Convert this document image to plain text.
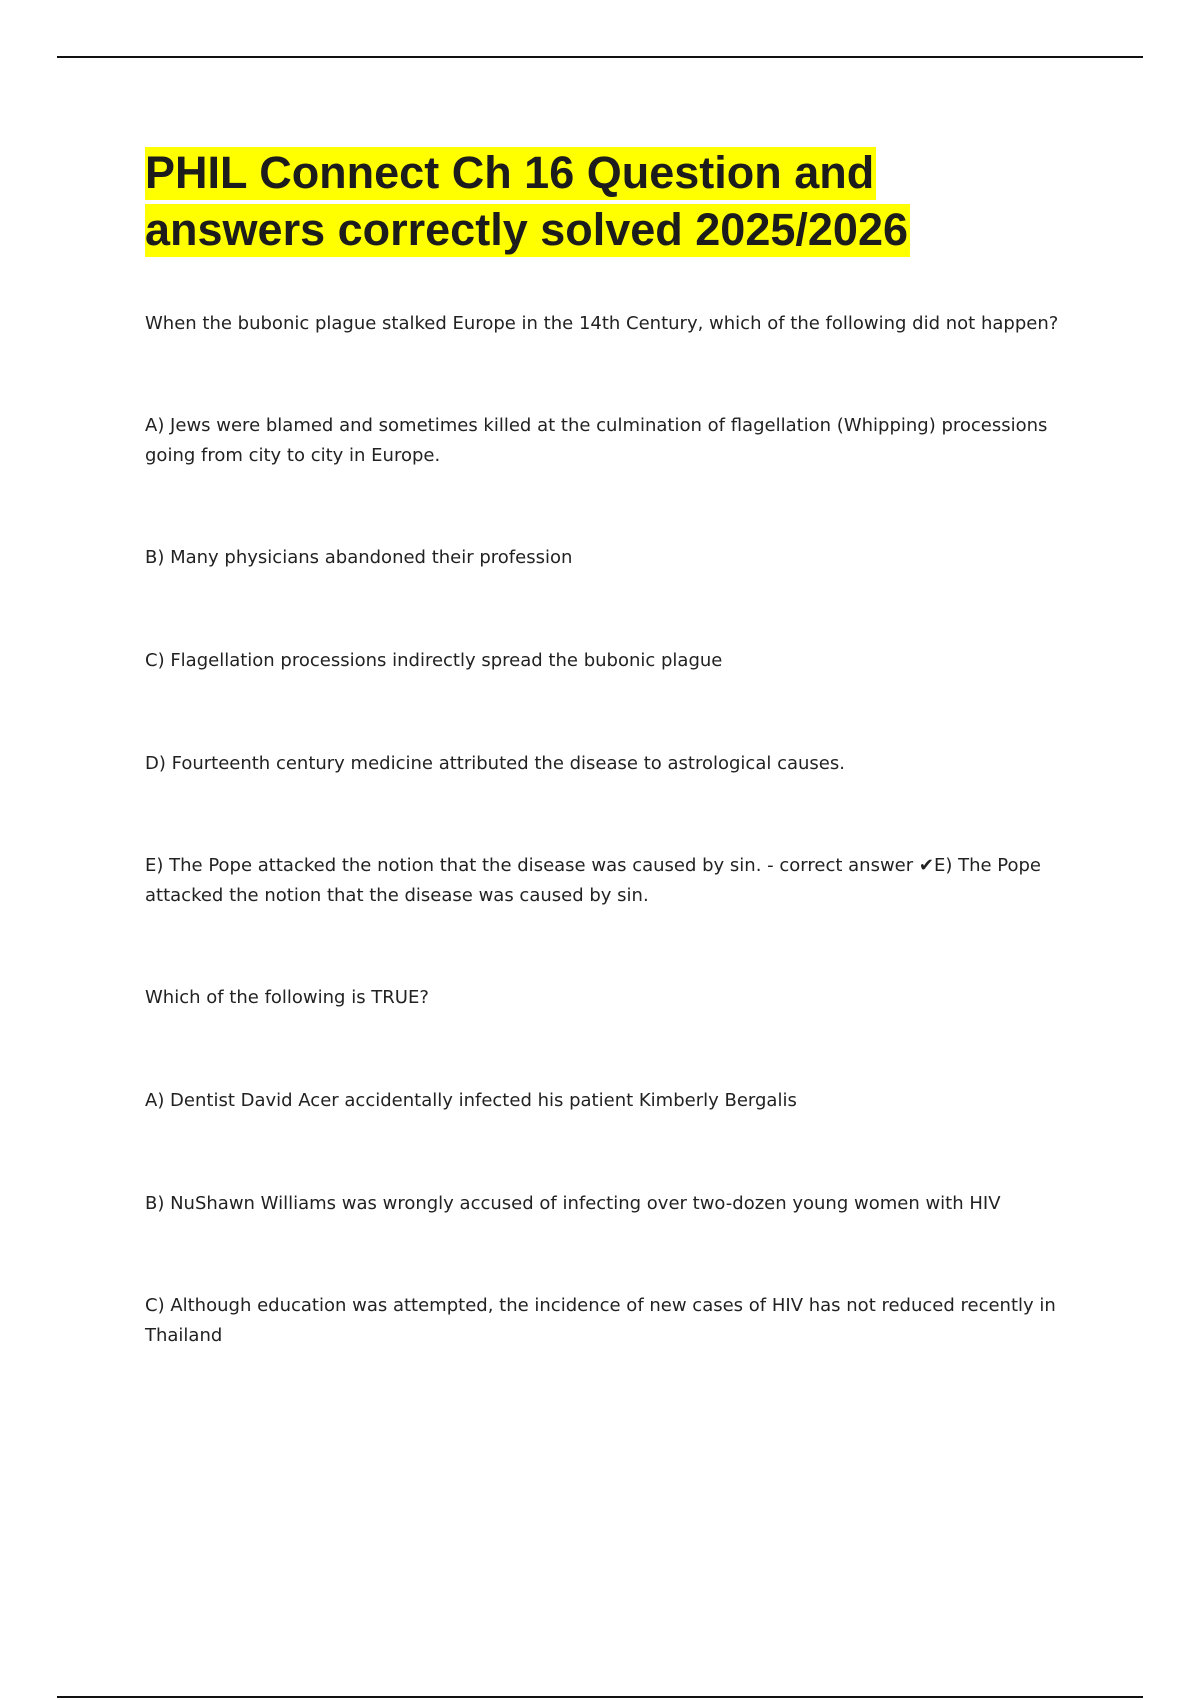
PHIL Connect Ch 16 Question and
answers correctly solved 2025/2026

When the bubonic plague stalked Europe in the 14th Century, which of the following did not happen?

A) Jews were blamed and sometimes killed at the culmination of flagellation (Whipping) processions going from city to city in Europe.

B) Many physicians abandoned their profession

C) Flagellation processions indirectly spread the bubonic plague

D) Fourteenth century medicine attributed the disease to astrological causes.

E) The Pope attacked the notion that the disease was caused by sin. - correct answer ✔E) The Pope attacked the notion that the disease was caused by sin.

Which of the following is TRUE?

A) Dentist David Acer accidentally infected his patient Kimberly Bergalis

B) NuShawn Williams was wrongly accused of infecting over two-dozen young women with HIV

C) Although education was attempted, the incidence of new cases of HIV has not reduced recently in Thailand
